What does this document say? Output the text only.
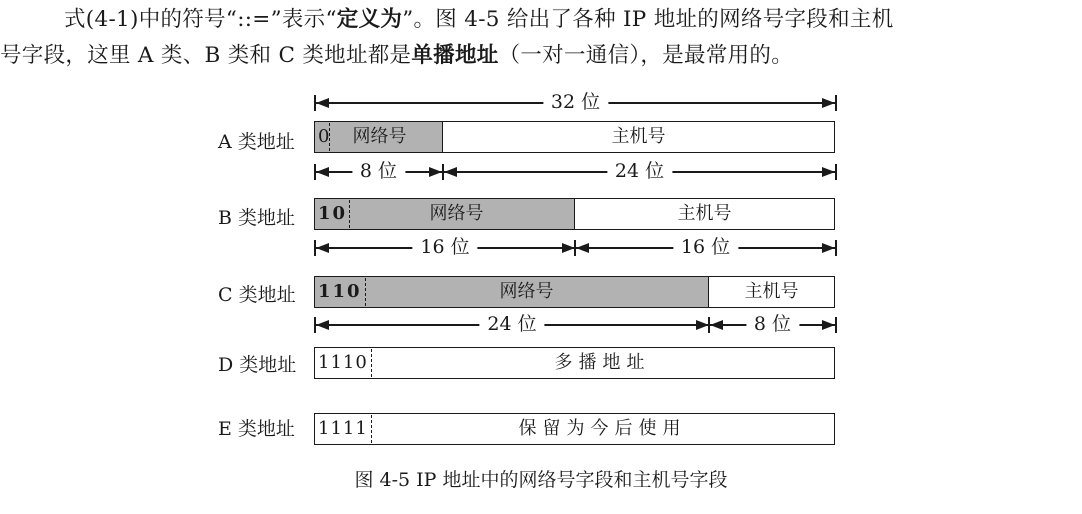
式(4-1)中的符号“::=”表示“定义为”。图 4-5 给出了各种 IP 地址的网络号字段和主机
号字段，这里 A 类、B 类和 C 类地址都是单播地址（一对一通信），是最常用的。
32 位
A 类地址	0	网络号	主机号
8 位	24 位
B 类地址	10	网络号	主机号
16 位	16 位
C 类地址	110	网络号	主机号
24 位	8 位
D 类地址	1110	多播地址
E 类地址	1111	保留为今后使用
图 4-5 IP 地址中的网络号字段和主机号字段
